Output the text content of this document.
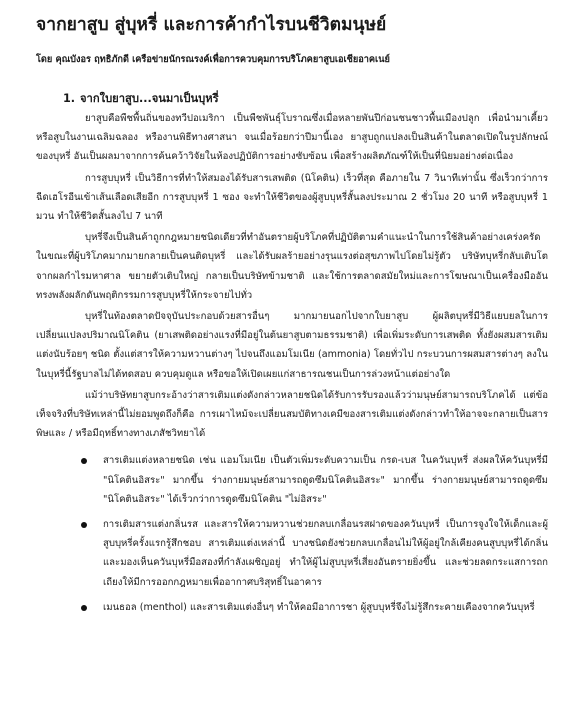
จากยาสูบ สู่บุหรี่ และการค้ากำไรบนชีวิตมนุษย์

โดย คุณบังอร ฤทธิภักดี เครือข่ายนักรณรงค์เพื่อการควบคุมการบริโภคยาสูบเอเชียอาคเนย์

1. จากใบยาสูบ...จนมาเป็นบุหรี่

ยาสูบคือพืชพื้นถิ่นของทวีปอเมริกา เป็นพืชพันธุ์โบราณซึ่งเมื่อหลายพันปีก่อนชนชาวพื้นเมืองปลูก เพื่อนำมาเคี้ยวหรือสูบในงานเฉลิมฉลอง หรืองานพิธีทางศาสนา จนเมื่อร้อยกว่าปีมานี้เอง ยาสูบถูกแปลงเป็นสินค้าในตลาดเปิดในรูปลักษณ์ของบุหรี่ อันเป็นผลมาจากการค้นคว้าวิจัยในห้องปฏิบัติการอย่างซับซ้อน เพื่อสร้างผลิตภัณฑ์ให้เป็นที่นิยมอย่างต่อเนื่อง

การสูบบุหรี่ เป็นวิธีการที่ทำให้สมองได้รับสารเสพติด (นิโคติน) เร็วที่สุด คือภายใน 7 วินาทีเท่านั้น ซึ่งเร็วกว่าการฉีดเฮโรอีนเข้าเส้นเลือดเสียอีก การสูบบุหรี่ 1 ซอง จะทำให้ชีวิตของผู้สูบบุหรี่สั้นลงประมาณ 2 ชั่วโมง 20 นาที หรือสูบบุหรี่ 1 มวน ทำให้ชีวิตสั้นลงไป 7 นาที

บุหรี่จึงเป็นสินค้าถูกกฎหมายชนิดเดียวที่ทำอันตรายผู้บริโภคที่ปฏิบัติตามคำแนะนำในการใช้สินค้าอย่างเคร่งครัด ในขณะที่ผู้บริโภคมากมายกลายเป็นคนติดบุหรี่ และได้รับผลร้ายอย่างรุนแรงต่อสุขภาพไปโดยไม่รู้ตัว บริษัทบุหรี่กลับเติบโตจากผลกำไรมหาศาล ขยายตัวเติบใหญ่ กลายเป็นบริษัทข้ามชาติ และใช้การตลาดสมัยใหม่และการโฆษณาเป็นเครื่องมืออันทรงพลังผลักดันพฤติกรรมการสูบบุหรี่ให้กระจายไปทั่ว

บุหรี่ในท้องตลาดปัจจุบันประกอบด้วยสารอื่นๆ มากมายนอกไปจากใบยาสูบ ผู้ผลิตบุหรี่มีวิธีแยบยลในการเปลี่ยนแปลงปริมาณนิโคติน (ยาเสพติดอย่างแรงที่มีอยู่ในต้นยาสูบตามธรรมชาติ) เพื่อเพิ่มระดับการเสพติด ทั้งยังผสมสารเติมแต่งนับร้อยๆ ชนิด ตั้งแต่สารให้ความหวานต่างๆ ไปจนถึงแอมโมเนีย (ammonia) โดยทั่วไป กระบวนการผสมสารต่างๆ ลงในในบุหรี่นี้รัฐบาลไม่ได้ทดสอบ ควบคุมดูแล หรือขอให้เปิดเผยแก่สาธารณชนเป็นการล่วงหน้าแต่อย่างใด

แม้ว่าบริษัทยาสูบกระอ้างว่าสารเติมแต่งดังกล่าวหลายชนิดได้รับการรับรองแล้วว่ามนุษย์สามารถบริโภคได้ แต่ข้อเท็จจริงที่บริษัทเหล่านี้ไม่ยอมพูดถึงก็คือ การเผาไหม้จะเปลี่ยนสมบัติทางเคมีของสารเติมแต่งดังกล่าวทำให้อาจจะกลายเป็นสารพิษและ / หรือมีฤทธิ์ทางทางเภสัชวิทยาได้

สารเติมแต่งหลายชนิด เช่น แอมโมเนีย เป็นตัวเพิ่มระดับความเป็น กรด-เบส ในควันบุหรี่ ส่งผลให้ควันบุหรี่มี "นิโคตินอิสระ" มากขึ้น ร่างกายมนุษย์สามารถดูดซึมนิโคตินอิสระ" มากขึ้น ร่างกายมนุษย์สามารถดูดซึม "นิโคตินอิสระ" ได้เร็วกว่าการดูดซึมนิโคติน "ไม่อิสระ"
การเติมสารแต่งกลิ่นรส และสารให้ความหวานช่วยกลบเกลื่อนรสฝาดของควันบุหรี่ เป็นการจูงใจให้เด็กและผู้สูบบุหรี่ครั้งแรกรู้สึกชอบ สารเติมแต่งเหล่านี้ บางชนิดยังช่วยกลบเกลื่อนไม่ให้ผู้อยู่ใกล้เคียงคนสูบบุหรี่ได้กลิ่นและมองเห็นควันบุหรี่มือสองที่กำลังเผชิญอยู่ ทำให้ผู้ไม่สูบบุหรี่เสี่ยงอันตรายยิ่งขึ้น และช่วยลดกระแสการถกเถียงให้มีการออกกฎหมายเพื่ออากาศบริสุทธิ์ในอาคาร
เมนธอล (menthol) และสารเติมแต่งอื่นๆ ทำให้คอมีอาการชา ผู้สูบบุหรี่จึงไม่รู้สึกระคายเคืองจากควันบุหรี่
